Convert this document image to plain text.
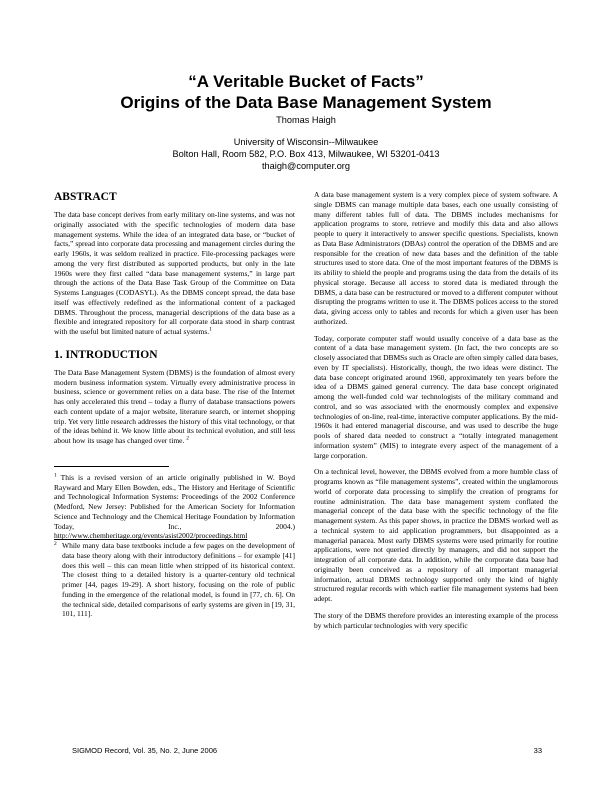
“A Veritable Bucket of Facts”
Origins of the Data Base Management System
Thomas Haigh
University of Wisconsin--Milwaukee
Bolton Hall, Room 582, P.O. Box 413, Milwaukee, WI 53201-0413
thaigh@computer.org
ABSTRACT

The data base concept derives from early military on-line systems, and was not originally associated with the specific technologies of modern data base management systems. While the idea of an integrated data base, or “bucket of facts,” spread into corporate data processing and management circles during the early 1960s, it was seldom realized in practice. File-processing packages were among the very first distributed as supported products, but only in the late 1960s were they first called “data base management systems,” in large part through the actions of the Data Base Task Group of the Committee on Data Systems Languages (CODASYL). As the DBMS concept spread, the data base itself was effectively redefined as the informational content of a packaged DBMS. Throughout the process, managerial descriptions of the data base as a flexible and integrated repository for all corporate data stood in sharp contrast with the useful but limited nature of actual systems.$^1$

1. INTRODUCTION

The Data Base Management System (DBMS) is the foundation of almost every modern business information system. Virtually every administrative process in business, science or government relies on a data base. The rise of the Internet has only accelerated this trend – today a flurry of database transactions powers each content update of a major website, literature search, or internet shopping trip. Yet very little research addresses the history of this vital technology, or that of the ideas behind it. We know little about its technical evolution, and still less about how its usage has changed over time. $^2$

$^1$ This is a revised version of an article originally published in W. Boyd Rayward and Mary Ellen Bowden, eds., The History and Heritage of Scientific and Technological Information Systems: Proceedings of the 2002 Conference (Medford, New Jersey: Published for the American Society for Information Science and Technology and the Chemical Heritage Foundation by Information Today, Inc., 2004.) http://www.chemheritage.org/events/asist2002/proceedings.html

2 While many data base textbooks include a few pages on the development of data base theory along with their introductory definitions – for example [41] does this well – this can mean little when stripped of its historical context. The closest thing to a detailed history is a quarter-century old technical primer [44, pages 19-29]. A short history, focusing on the role of public funding in the emergence of the relational model, is found in [77, ch. 6]. On the technical side, detailed comparisons of early systems are given in [19, 31, 101, 111].

A data base management system is a very complex piece of system software. A single DBMS can manage multiple data bases, each one usually consisting of many different tables full of data. The DBMS includes mechanisms for application programs to store, retrieve and modify this data and also allows people to query it interactively to answer specific questions. Specialists, known as Data Base Administrators (DBAs) control the operation of the DBMS and are responsible for the creation of new data bases and the definition of the table structures used to store data. One of the most important features of the DBMS is its ability to shield the people and programs using the data from the details of its physical storage. Because all access to stored data is mediated through the DBMS, a data base can be restructured or moved to a different computer without disrupting the programs written to use it. The DBMS polices access to the stored data, giving access only to tables and records for which a given user has been authorized.

Today, corporate computer staff would usually conceive of a data base as the content of a data base management system. (In fact, the two concepts are so closely associated that DBMSs such as Oracle are often simply called data bases, even by IT specialists). Historically, though, the two ideas were distinct. The data base concept originated around 1960, approximately ten years before the idea of a DBMS gained general currency. The data base concept originated among the well-funded cold war technologists of the military command and control, and so was associated with the enormously complex and expensive technologies of on-line, real-time, interactive computer applications. By the mid-1960s it had entered managerial discourse, and was used to describe the huge pools of shared data needed to construct a “totally integrated management information system” (MIS) to integrate every aspect of the management of a large corporation.

On a technical level, however, the DBMS evolved from a more humble class of programs known as “file management systems”, created within the unglamorous world of corporate data processing to simplify the creation of programs for routine administration. The data base management system conflated the managerial concept of the data base with the specific technology of the file management system. As this paper shows, in practice the DBMS worked well as a technical system to aid application programmers, but disappointed as a managerial panacea. Most early DBMS systems were used primarily for routine applications, were not queried directly by managers, and did not support the integration of all corporate data. In addition, while the corporate data base had originally been conceived as a repository of all important managerial information, actual DBMS technology supported only the kind of highly structured regular records with which earlier file management systems had been adept.

The story of the DBMS therefore provides an interesting example of the process by which particular technologies with very specific

SIGMOD Record, Vol. 35, No. 2, June 2006	33
